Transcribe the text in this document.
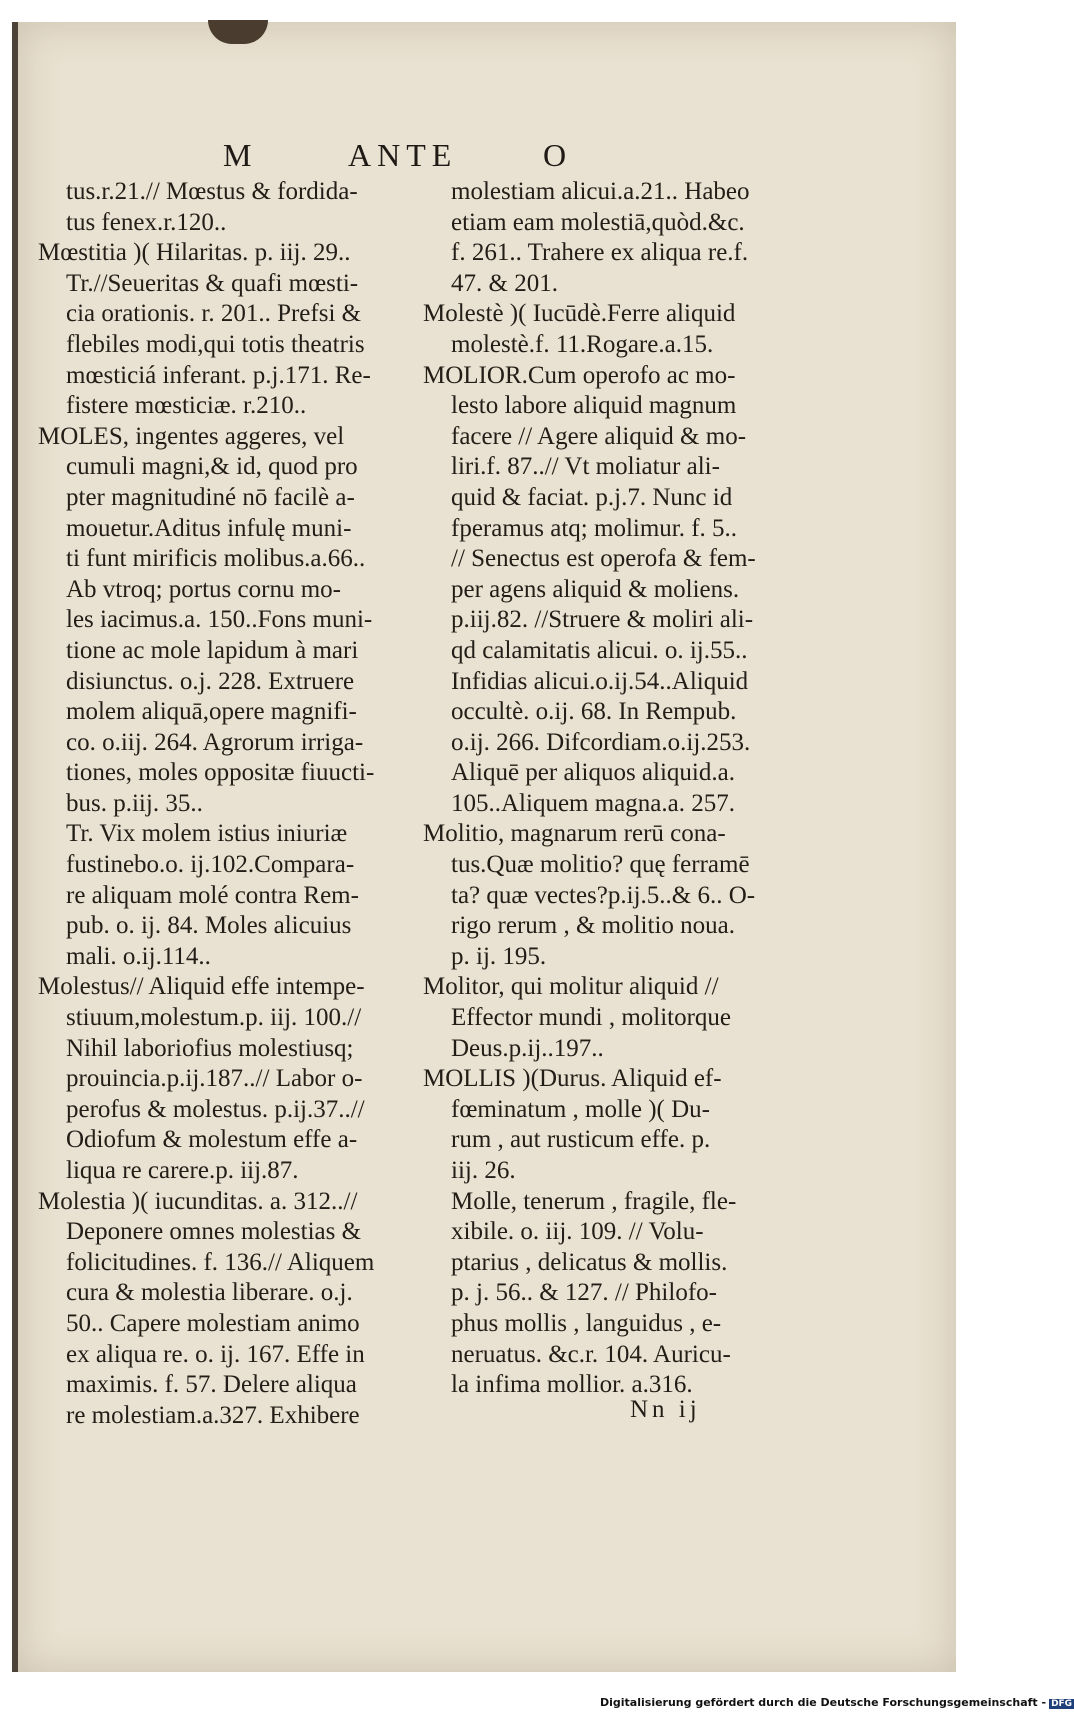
M	ANTE	O
tus.r.21.// Mœstus & fordida-
tus fenex.r.120..
Mœstitia )( Hilaritas. p. iij. 29..
Tr.//Seueritas & quafi mœsti-
cia orationis. r. 201.. Prefsi &
flebiles modi,qui totis theatris
mœsticiá inferant. p.j.171. Re-
fistere mœsticiæ. r.210..
MOLES, ingentes aggeres, vel
cumuli magni,& id, quod pro
pter magnitudiné nō facilè a-
mouetur.Aditus infulę muni-
ti funt mirificis molibus.a.66..
Ab vtroq; portus cornu mo-
les iacimus.a. 150..Fons muni-
tione ac mole lapidum à mari
disiunctus. o.j. 228. Extruere
molem aliquā,opere magnifi-
co. o.iij. 264. Agrorum irriga-
tiones, moles oppositæ fiuucti-
bus. p.iij. 35..
Tr. Vix molem istius iniuriæ
fustinebo.o. ij.102.Compara-
re aliquam molé contra Rem-
pub. o. ij. 84. Moles alicuius
mali. o.ij.114..
Molestus// Aliquid effe intempe-
stiuum,molestum.p. iij. 100.//
Nihil laboriofius molestiusq;
prouincia.p.ij.187..// Labor o-
perofus & molestus. p.ij.37..//
Odiofum & molestum effe a-
liqua re carere.p. iij.87.
Molestia )( iucunditas. a. 312..//
Deponere omnes molestias &
folicitudines. f. 136.// Aliquem
cura & molestia liberare. o.j.
50.. Capere molestiam animo
ex aliqua re. o. ij. 167. Effe in
maximis. f. 57. Delere aliqua
re molestiam.a.327. Exhibere
molestiam alicui.a.21.. Habeo
etiam eam molestiā,quòd.&c.
f. 261.. Trahere ex aliqua re.f.
47. & 201.
Molestè )( Iucūdè.Ferre aliquid
molestè.f. 11.Rogare.a.15.
MOLIOR.Cum operofo ac mo-
lesto labore aliquid magnum
facere // Agere aliquid & mo-
liri.f. 87..// Vt moliatur ali-
quid & faciat. p.j.7. Nunc id
fperamus atq; molimur. f. 5..
// Senectus est operofa & fem-
per agens aliquid & moliens.
p.iij.82. //Struere & moliri ali-
qd calamitatis alicui. o. ij.55..
Infidias alicui.o.ij.54..Aliquid
occultè. o.ij. 68. In Rempub.
o.ij. 266. Difcordiam.o.ij.253.
Aliquē per aliquos aliquid.a.
105..Aliquem magna.a. 257.
Molitio, magnarum rerū cona-
tus.Quæ molitio? quę ferramē
ta? quæ vectes?p.ij.5..& 6.. O-
rigo rerum , & molitio noua.
p. ij. 195.
Molitor, qui molitur aliquid //
Effector mundi , molitorque
Deus.p.ij..197..
MOLLIS )(Durus. Aliquid ef-
fœminatum , molle )( Du-
rum , aut rusticum effe. p.
iij. 26.
Molle, tenerum , fragile, fle-
xibile. o. iij. 109. // Volu-
ptarius , delicatus & mollis.
p. j. 56.. & 127. // Philofo-
phus mollis , languidus , e-
neruatus. &c.r. 104. Auricu-
la infima mollior. a.316.
Nn ij
Digitalisierung gefördert durch die Deutsche Forschungsgemeinschaft - DFG
